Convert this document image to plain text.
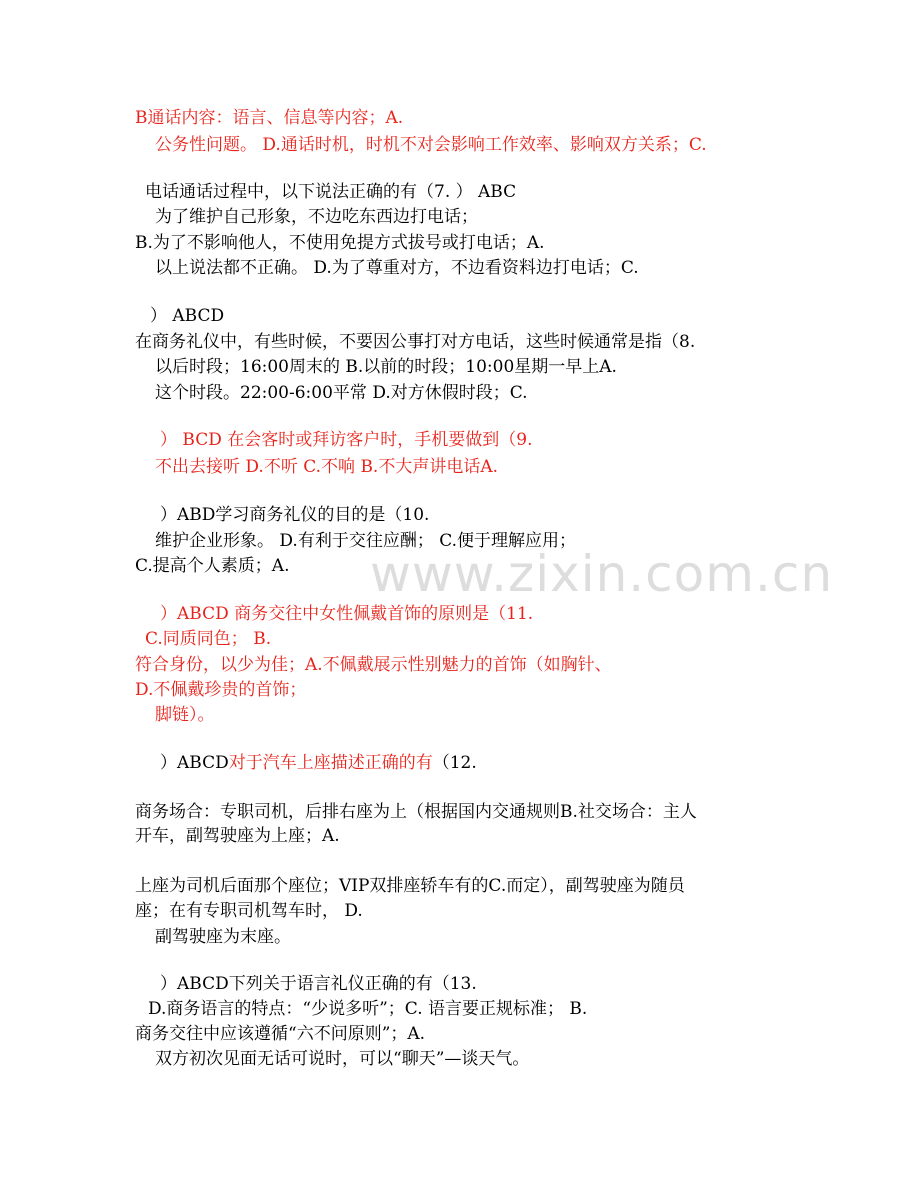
www.zixin.com.cn
B通话内容：语言、信息等内容；A.
公务性问题。 D.通话时机，时机不对会影响工作效率、影响双方关系；C.
电话通话过程中，以下说法正确的有（7. ） ABC
为了维护自己形象，不边吃东西边打电话；
B.为了不影响他人，不使用免提方式拔号或打电话；A.
以上说法都不正确。 D.为了尊重对方，不边看资料边打电话；C.
） ABCD
在商务礼仪中，有些时候，不要因公事打对方电话，这些时候通常是指（8.
以后时段；16:00周末的 B.以前的时段；10:00星期一早上A.
这个时段。22:00-6:00平常 D.对方休假时段；C.
） BCD 在会客时或拜访客户时，手机要做到（9.
不出去接听 D.不听 C.不响 B.不大声讲电话A.
）ABD学习商务礼仪的目的是（10.
维护企业形象。 D.有利于交往应酬； C.便于理解应用；
C.提高个人素质；A.
）ABCD 商务交往中女性佩戴首饰的原则是（11.
C.同质同色； B.
符合身份，以少为佳；A.不佩戴展示性别魅力的首饰（如胸针、
D.不佩戴珍贵的首饰；
脚链）。
）ABCD对于汽车上座描述正确的有（12.
商务场合：专职司机，后排右座为上（根据国内交通规则B.社交场合：主人
开车，副驾驶座为上座；A.
上座为司机后面那个座位；VIP双排座轿车有的C.而定），副驾驶座为随员
座；在有专职司机驾车时， D.
副驾驶座为末座。
）ABCD下列关于语言礼仪正确的有（13.
D.商务语言的特点：“少说多听”；C. 语言要正规标准； B.
商务交往中应该遵循“六不问原则”；A.
双方初次见面无话可说时，可以“聊天”—谈天气。
